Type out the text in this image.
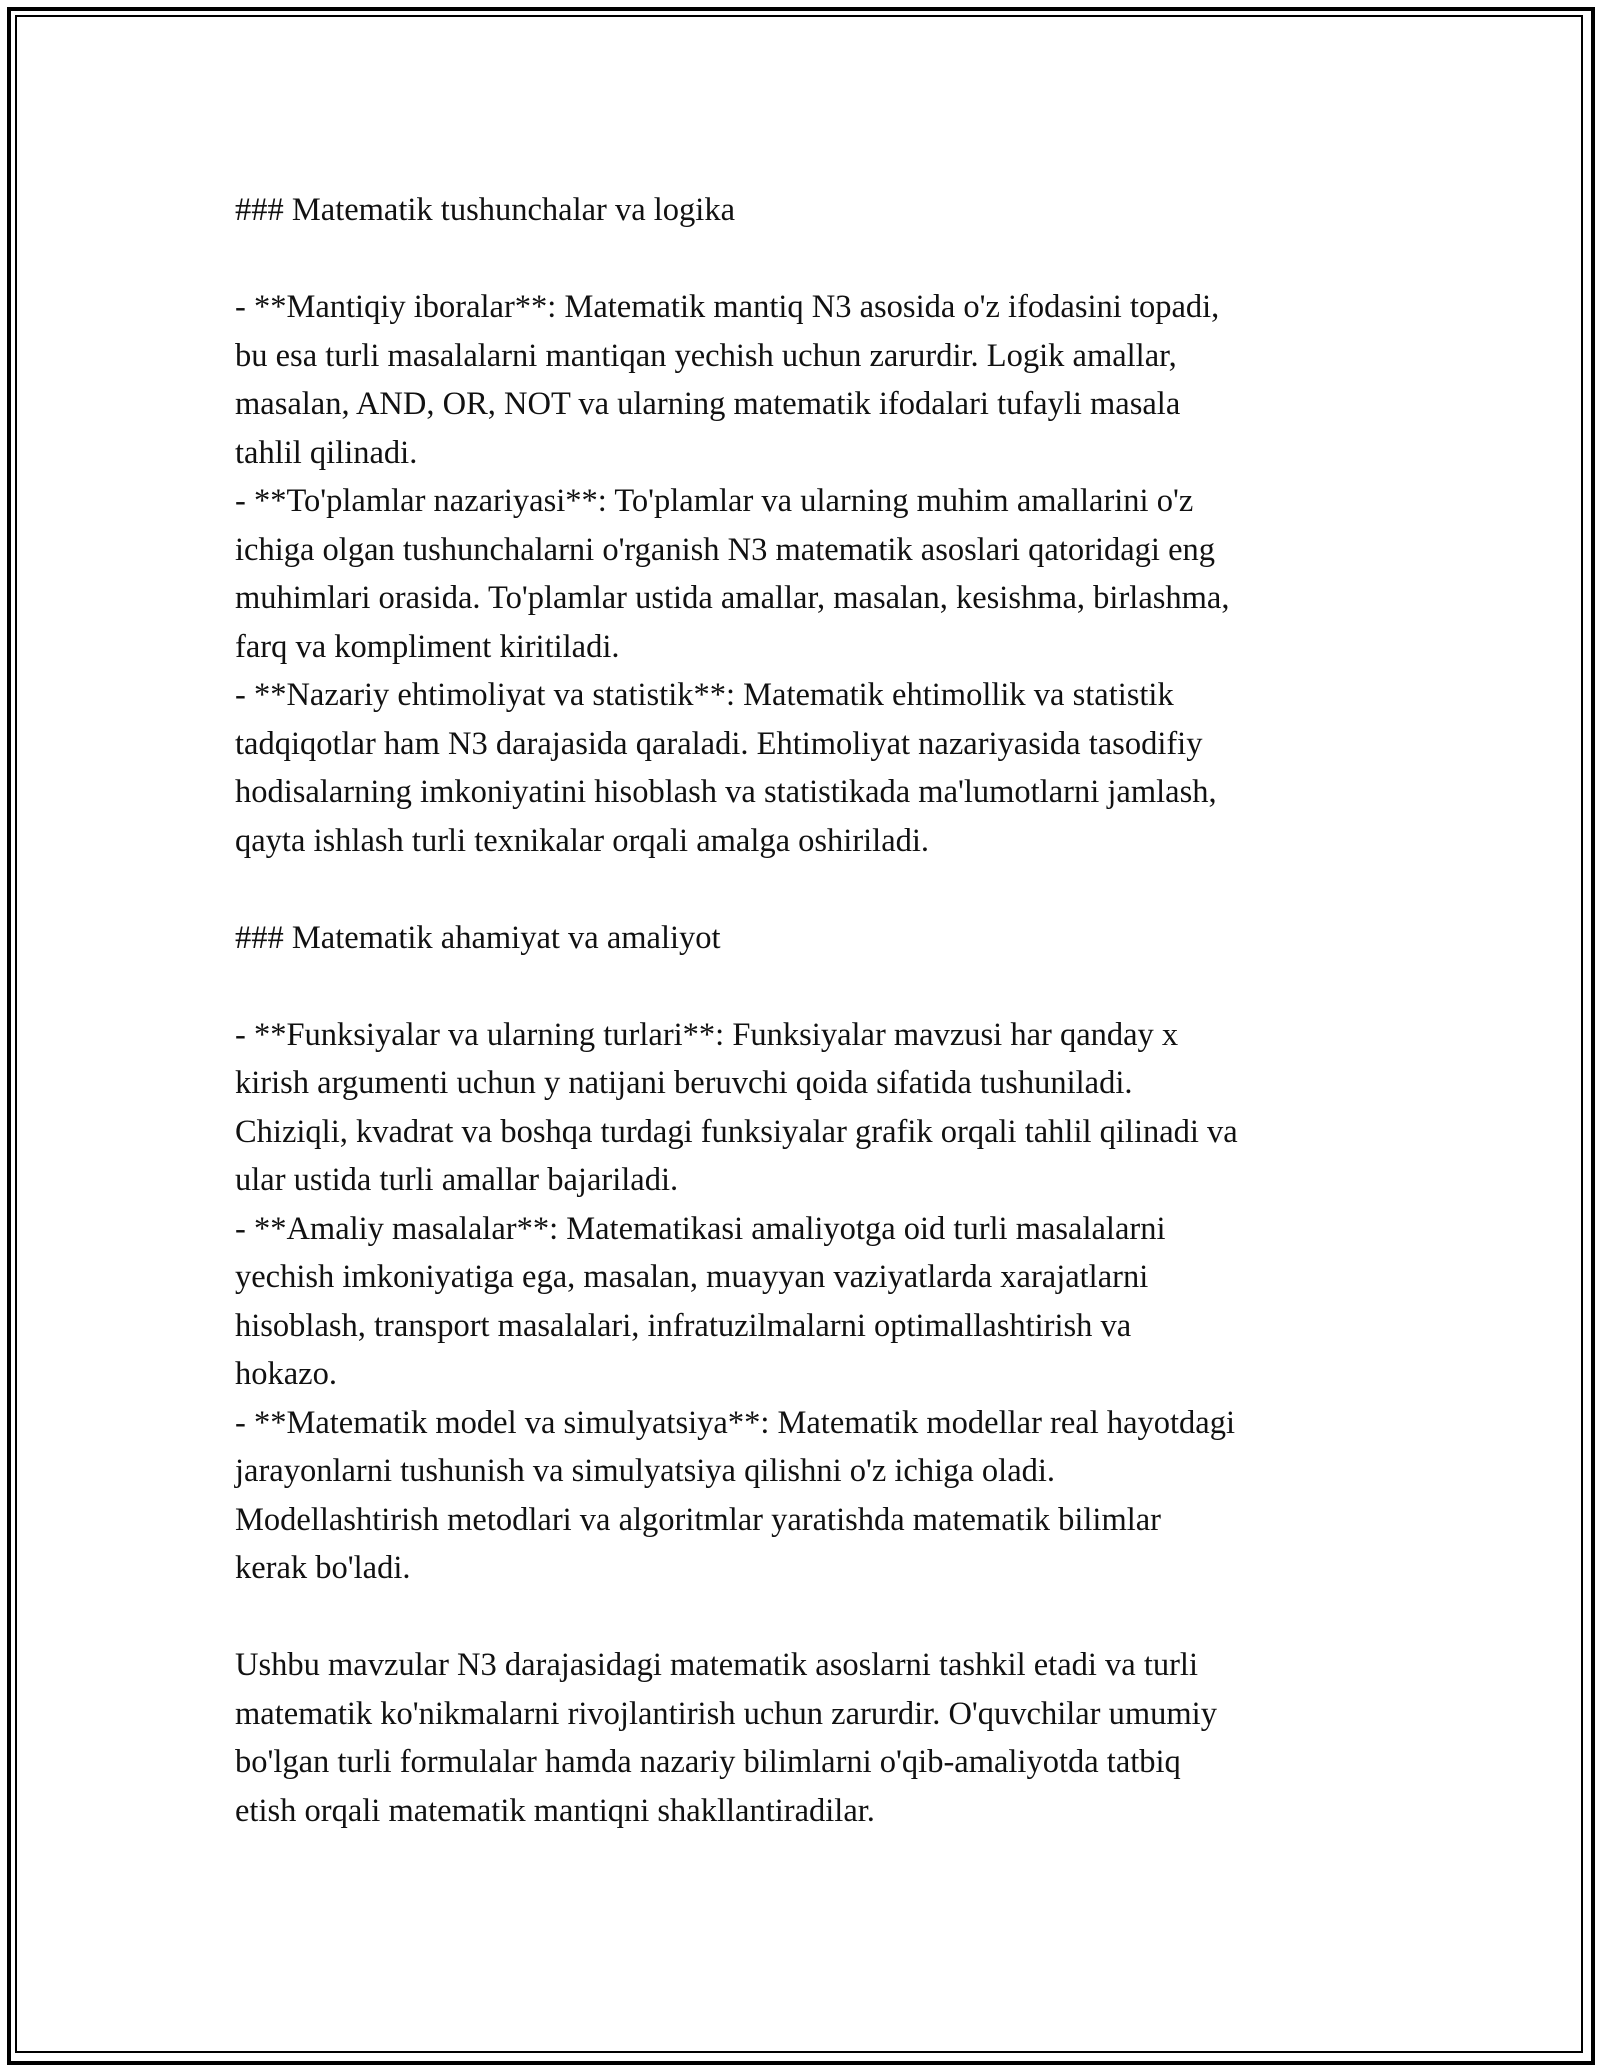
### Matematik tushunchalar va logika

- **Mantiqiy iboralar**: Matematik mantiq N3 asosida o'z ifodasini topadi,

bu esa turli masalalarni mantiqan yechish uchun zarurdir. Logik amallar,

masalan, AND, OR, NOT va ularning matematik ifodalari tufayli masala

tahlil qilinadi.

- **To'plamlar nazariyasi**: To'plamlar va ularning muhim amallarini o'z

ichiga olgan tushunchalarni o'rganish N3 matematik asoslari qatoridagi eng

muhimlari orasida. To'plamlar ustida amallar, masalan, kesishma, birlashma,

farq va kompliment kiritiladi.

- **Nazariy ehtimoliyat va statistik**: Matematik ehtimollik va statistik

tadqiqotlar ham N3 darajasida qaraladi. Ehtimoliyat nazariyasida tasodifiy

hodisalarning imkoniyatini hisoblash va statistikada ma'lumotlarni jamlash,

qayta ishlash turli texnikalar orqali amalga oshiriladi.

### Matematik ahamiyat va amaliyot

- **Funksiyalar va ularning turlari**: Funksiyalar mavzusi har qanday x

kirish argumenti uchun y natijani beruvchi qoida sifatida tushuniladi.

Chiziqli, kvadrat va boshqa turdagi funksiyalar grafik orqali tahlil qilinadi va

ular ustida turli amallar bajariladi.

- **Amaliy masalalar**: Matematikasi amaliyotga oid turli masalalarni

yechish imkoniyatiga ega, masalan, muayyan vaziyatlarda xarajatlarni

hisoblash, transport masalalari, infratuzilmalarni optimallashtirish va

hokazo.

- **Matematik model va simulyatsiya**: Matematik modellar real hayotdagi

jarayonlarni tushunish va simulyatsiya qilishni o'z ichiga oladi.

Modellashtirish metodlari va algoritmlar yaratishda matematik bilimlar

kerak bo'ladi.

Ushbu mavzular N3 darajasidagi matematik asoslarni tashkil etadi va turli

matematik ko'nikmalarni rivojlantirish uchun zarurdir. O'quvchilar umumiy

bo'lgan turli formulalar hamda nazariy bilimlarni o'qib-amaliyotda tatbiq

etish orqali matematik mantiqni shakllantiradilar.
